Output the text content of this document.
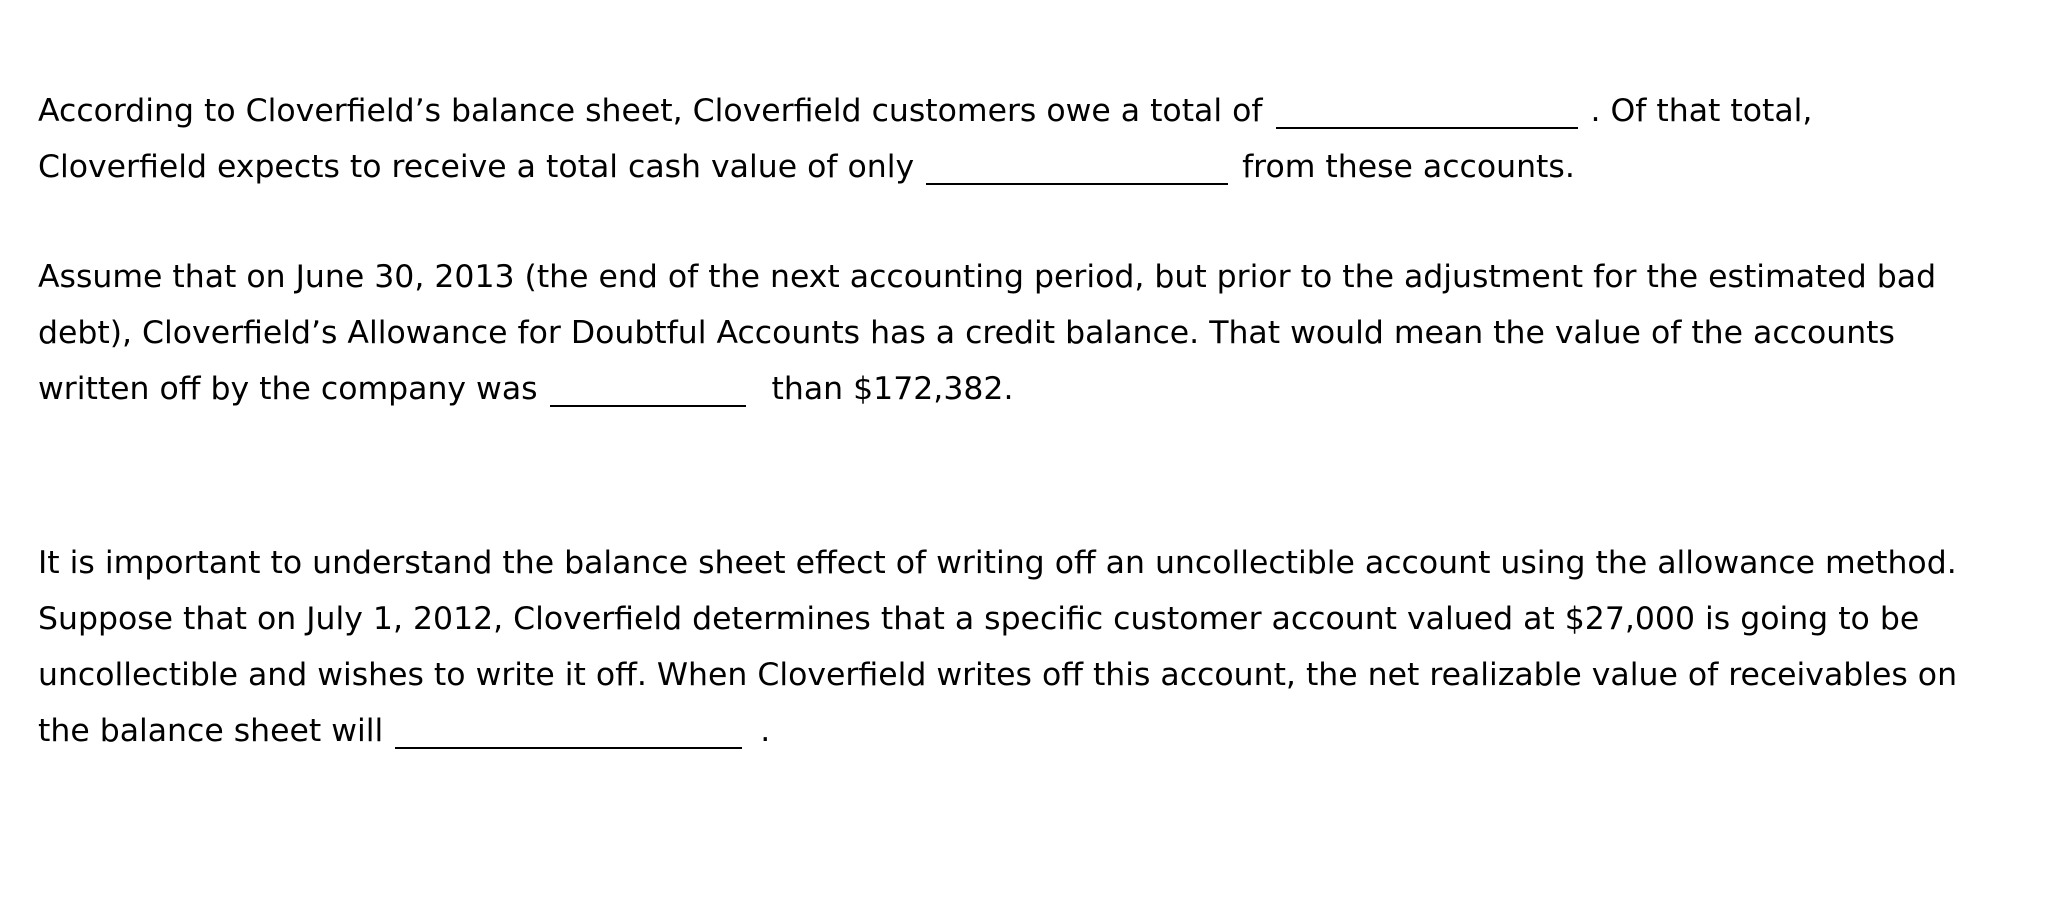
According to Cloverfield’s balance sheet, Cloverfield customers owe a total of	. Of that total,
Cloverfield expects to receive a total cash value of only	from these accounts.

Assume that on June 30, 2013 (the end of the next accounting period, but prior to the adjustment for the estimated bad debt), Cloverfield’s Allowance for Doubtful Accounts has a credit balance. That would mean the value of the accounts written off by the company was	than $172,382.

It is important to understand the balance sheet effect of writing off an uncollectible account using the allowance method. Suppose that on July 1, 2012, Cloverfield determines that a specific customer account valued at $27,000 is going to be uncollectible and wishes to write it off. When Cloverfield writes off this account, the net realizable value of receivables on the balance sheet will	.
